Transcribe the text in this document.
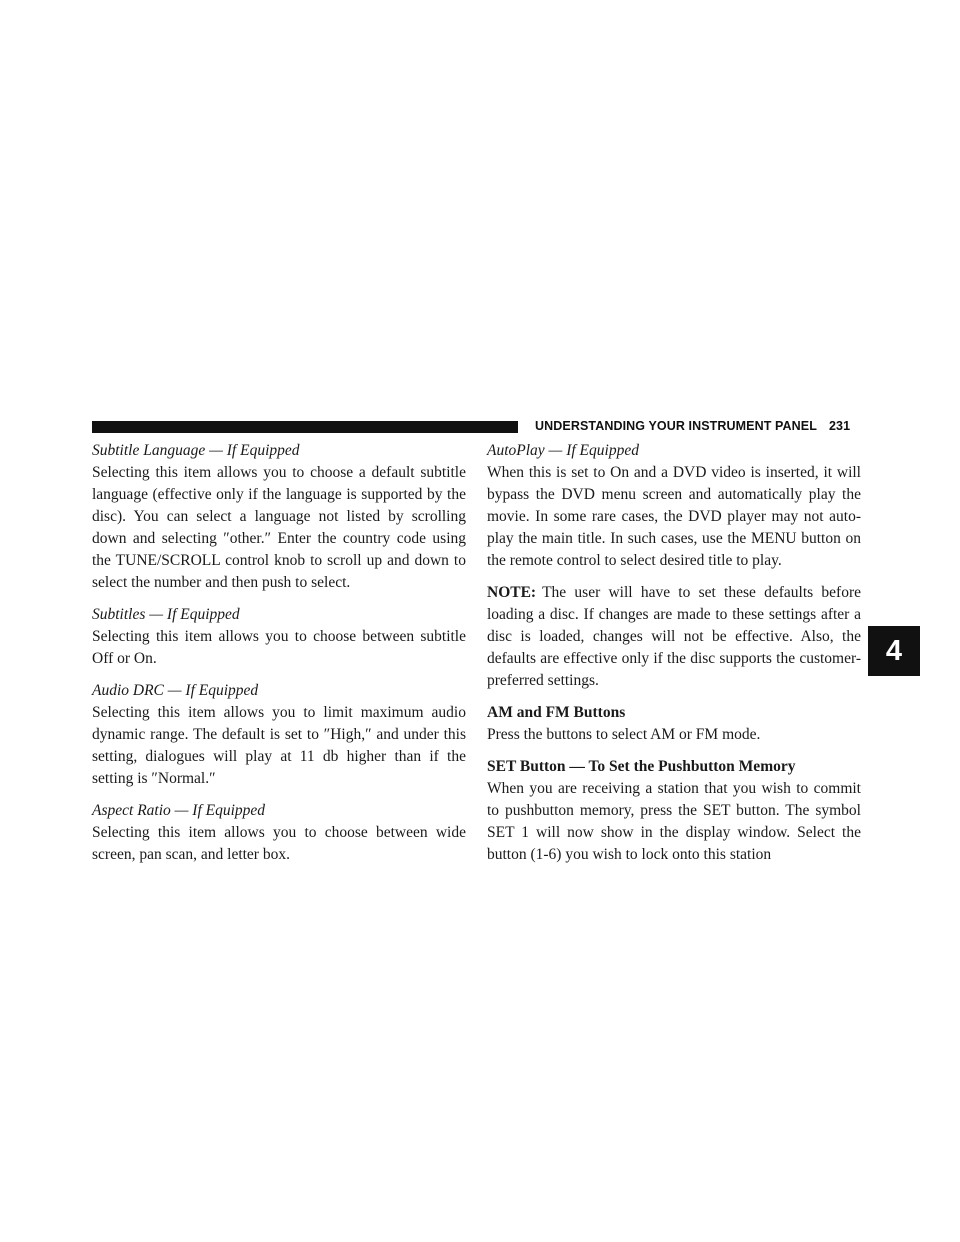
UNDERSTANDING YOUR INSTRUMENT PANEL 231
4

Subtitle Language — If Equipped

Selecting this item allows you to choose a default subtitle language (effective only if the language is supported by the disc). You can select a language not listed by scrolling down and selecting ″other.″ Enter the country code using the TUNE/SCROLL control knob to scroll up and down to select the number and then push to select.

Subtitles — If Equipped

Selecting this item allows you to choose between subtitle Off or On.

Audio DRC — If Equipped

Selecting this item allows you to limit maximum audio dynamic range. The default is set to ″High,″ and under this setting, dialogues will play at 11 db higher than if the setting is ″Normal.″

Aspect Ratio — If Equipped

Selecting this item allows you to choose between wide screen, pan scan, and letter box.

AutoPlay — If Equipped

When this is set to On and a DVD video is inserted, it will bypass the DVD menu screen and automatically play the movie. In some rare cases, the DVD player may not auto-play the main title. In such cases, use the MENU button on the remote control to select desired title to play.

NOTE: The user will have to set these defaults before loading a disc. If changes are made to these settings after a disc is loaded, changes will not be effective. Also, the defaults are effective only if the disc supports the customer-preferred settings.

AM and FM Buttons

Press the buttons to select AM or FM mode.

SET Button — To Set the Pushbutton Memory

When you are receiving a station that you wish to commit to pushbutton memory, press the SET button. The symbol SET 1 will now show in the display window. Select the button (1-6) you wish to lock onto this station
